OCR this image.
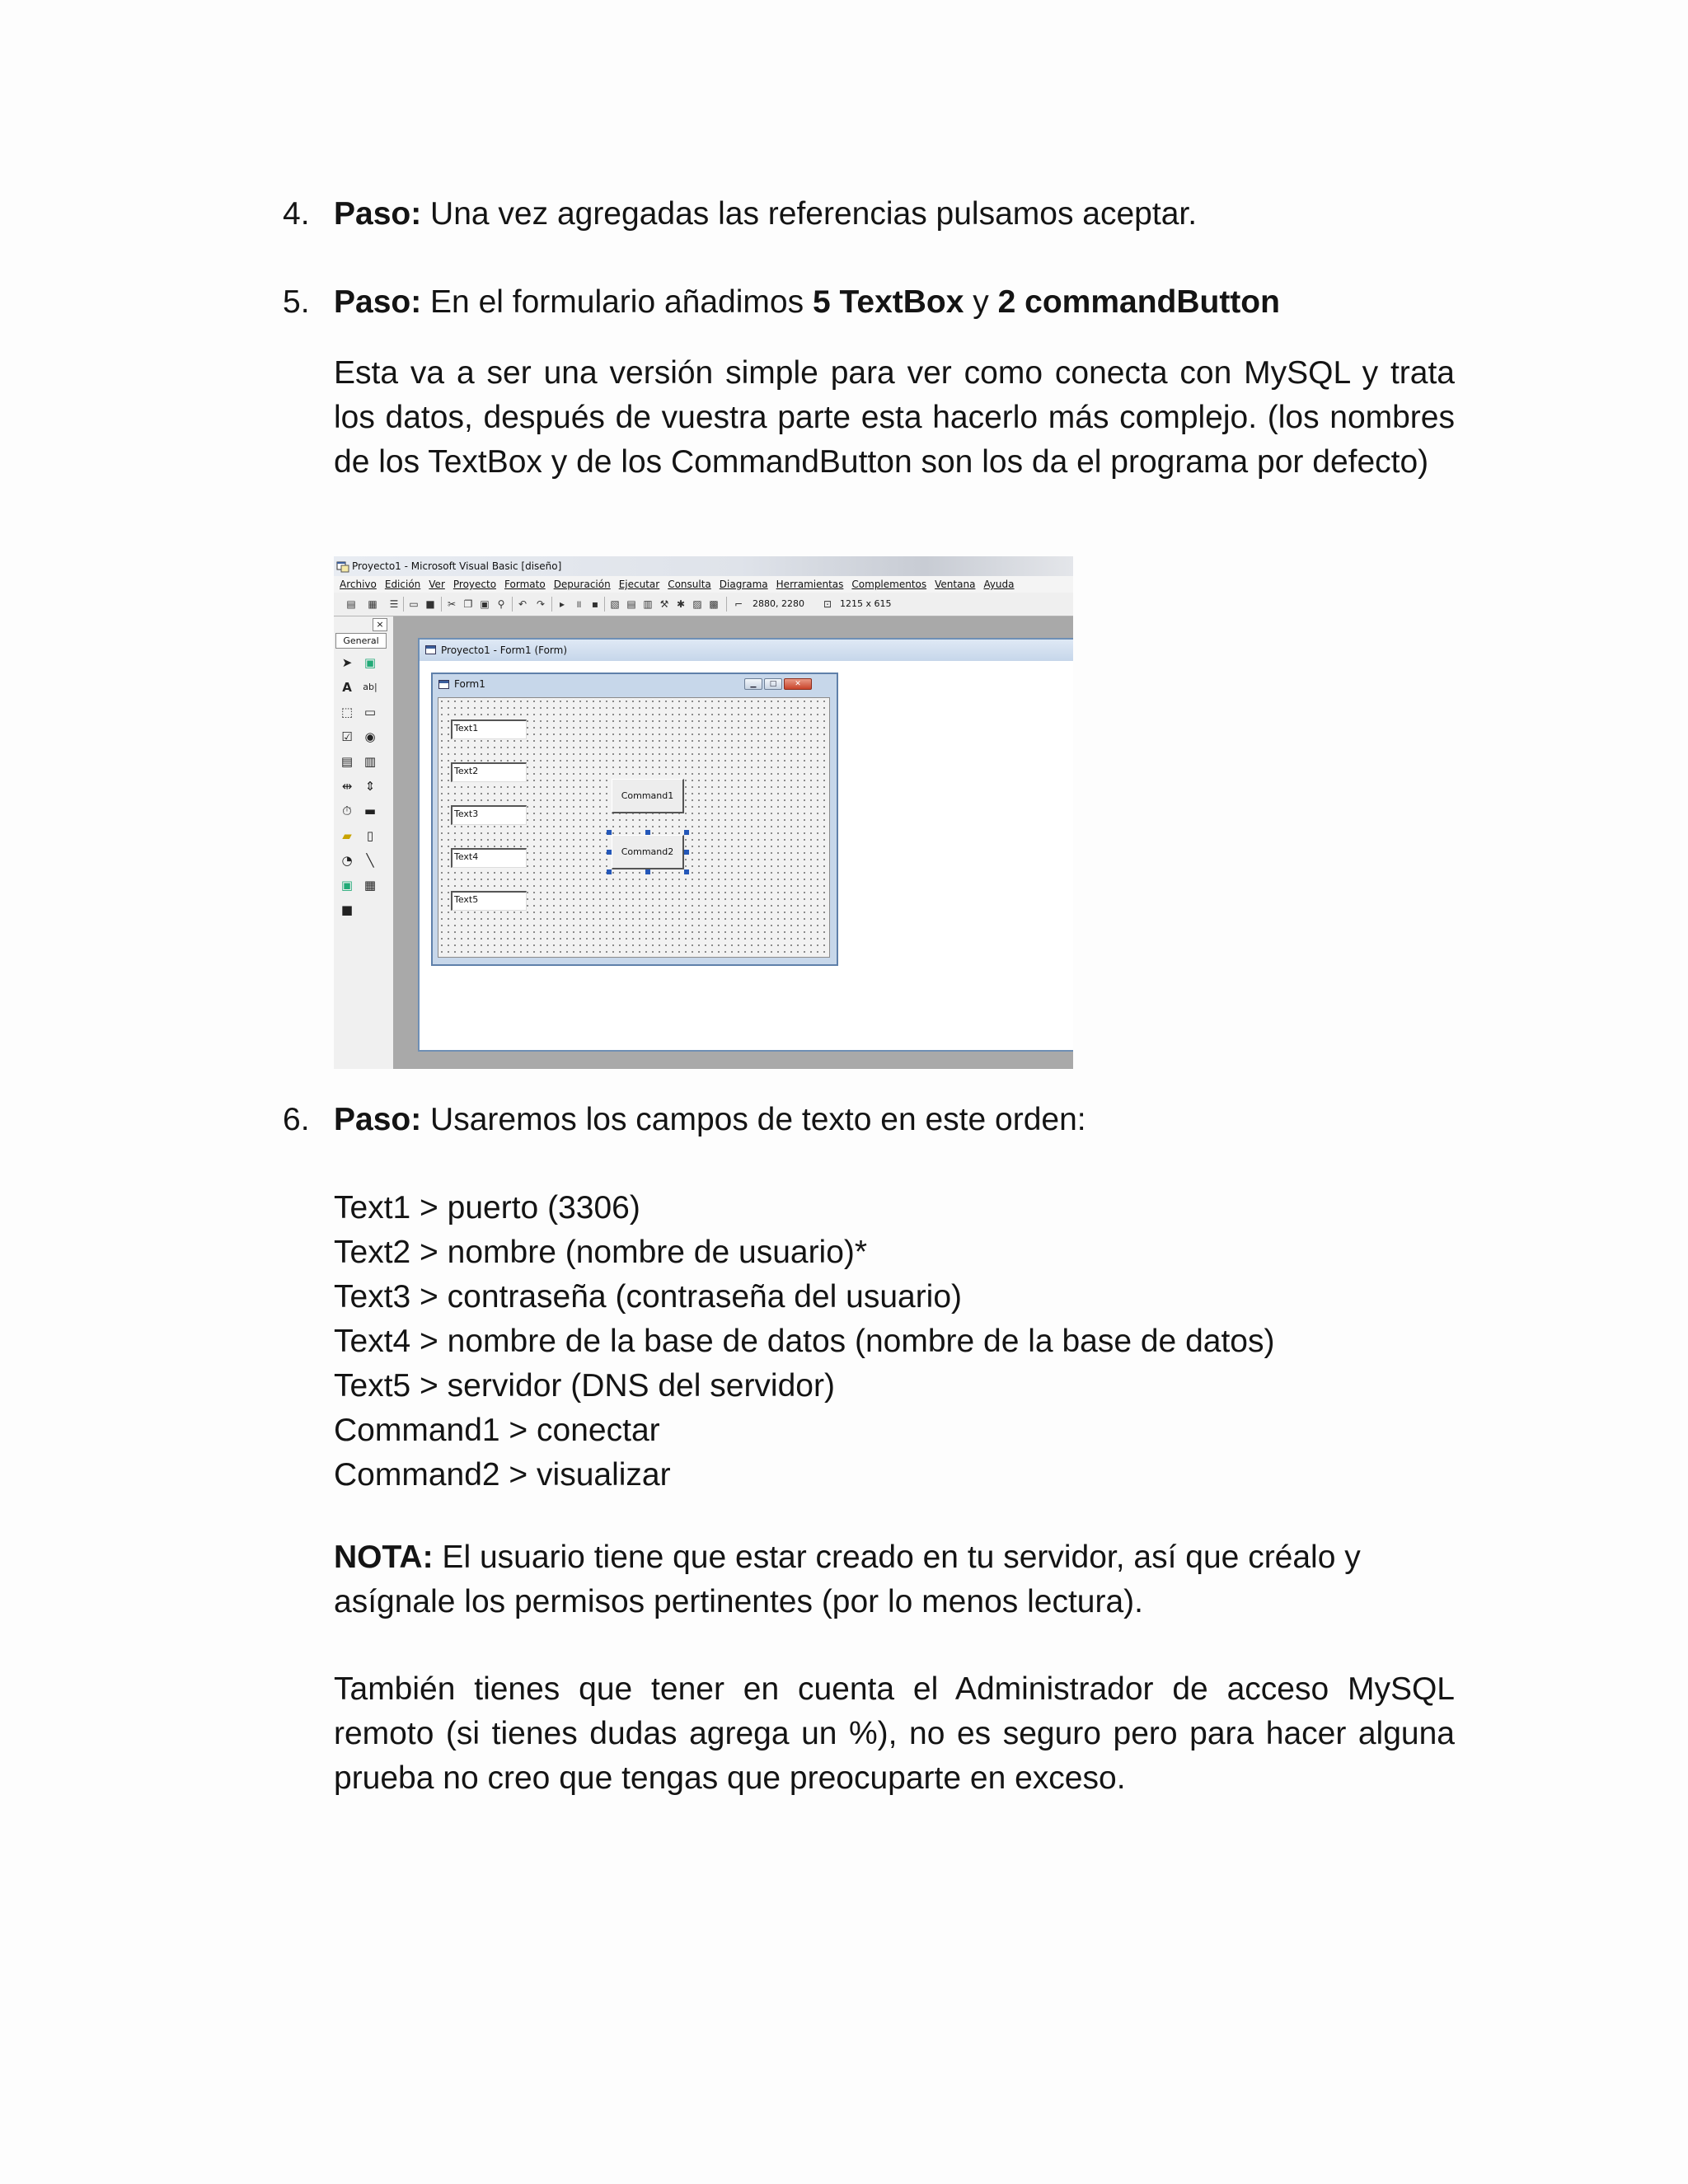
4. Paso: Una vez agregadas las referencias pulsamos aceptar.
5. Paso: En el formulario añadimos 5 TextBox y 2 commandButton
Esta va a ser una versión simple para ver como conecta con MySQL y trata los datos, después de vuestra parte esta hacerlo más complejo. (los nombres de los TextBox y de los CommandButton son los da el programa por defecto)
Proyecto1 - Microsoft Visual Basic [diseño]
Archivo Edición Ver Proyecto Formato Depuración Ejecutar Consulta Diagrama Herramientas Complementos Ventana Ayuda
▤ ▦ ☰ ▭ ■ ✂ ❐ ▣ ⚲ ↶ ↷	▸	॥ ▪ ▧ ▤ ▥ ⚒ ✱ ▨ ▩ ⌐ 2880, 2280 ⊡ 1215 x 615
×
General
➤ ▣
A	ab|
⬚ ▭
☑ ◉
▤ ▥
⇹ ⇕
⏱ ▬
▰	▯
◔	╲
▣ ▦
■
Proyecto1 - Form1 (Form)
Form1	▁	□	✕
Text1
Text2
Text3
Text4
Text5
Command1
Command2
6. Paso: Usaremos los campos de texto en este orden:
Text1 > puerto (3306)
Text2 > nombre (nombre de usuario)*
Text3 > contraseña (contraseña del usuario)
Text4 > nombre de la base de datos (nombre de la base de datos)
Text5 > servidor (DNS del servidor)
Command1 > conectar
Command2 > visualizar
NOTA: El usuario tiene que estar creado en tu servidor, así que créalo y asígnale los permisos pertinentes (por lo menos lectura).
También tienes que tener en cuenta el Administrador de acceso MySQL remoto (si tienes dudas agrega un %), no es seguro pero para hacer alguna prueba no creo que tengas que preocuparte en exceso.
